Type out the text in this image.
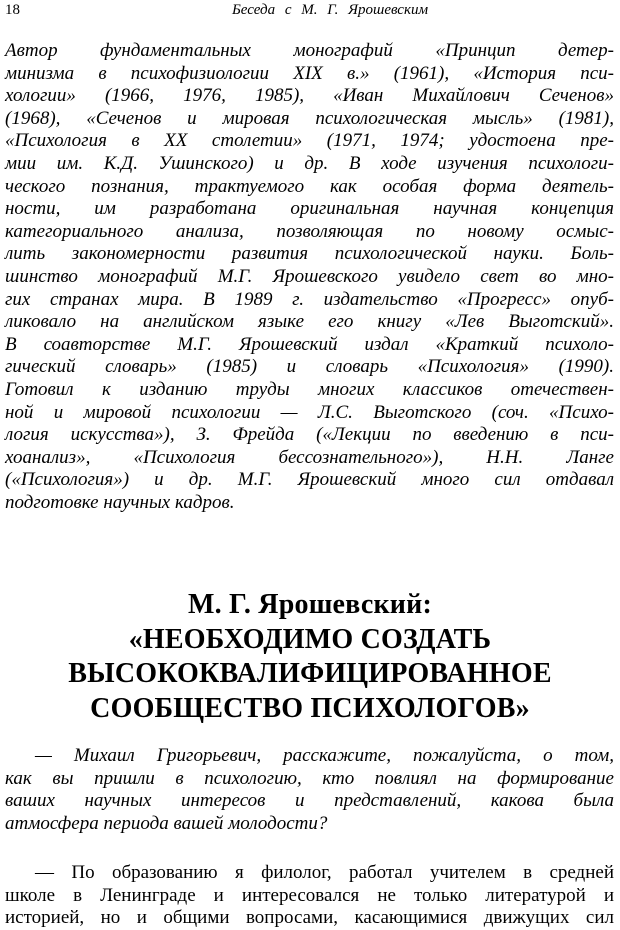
18	Беседа с М. Г. Ярошевским
Автор фундаментальных монографий «Принцип детер-
минизма в психофизиологии XIX в.» (1961), «История пси-
хологии» (1966, 1976, 1985), «Иван Михайлович Сеченов»
(1968), «Сеченов и мировая психологическая мысль» (1981),
«Психология в XX столетии» (1971, 1974; удостоена пре-
мии им. К.Д. Ушинского) и др. В ходе изучения психологи-
ческого познания, трактуемого как особая форма деятель-
ности, им разработана оригинальная научная концепция
категориального анализа, позволяющая по новому осмыс-
лить закономерности развития психологической науки. Боль-
шинство монографий М.Г. Ярошевского увидело свет во мно-
гих странах мира. В 1989 г. издательство «Прогресс» опуб-
ликовало на английском языке его книгу «Лев Выготский».
В соавторстве М.Г. Ярошевский издал «Краткий психоло-
гический словарь» (1985) и словарь «Психология» (1990).
Готовил к изданию труды многих классиков отечествен-
ной и мировой психологии — Л.С. Выготского (соч. «Психо-
логия искусства»), З. Фрейда («Лекции по введению в пси-
хоанализ», «Психология бессознательного»), Н.Н. Ланге
(«Психология») и др. М.Г. Ярошевский много сил отдавал
подготовке научных кадров.
М. Г. Ярошевский:
«НЕОБХОДИМО СОЗДАТЬ
ВЫСОКОКВАЛИФИЦИРОВАННОЕ
СООБЩЕСТВО ПСИХОЛОГОВ»
— Михаил Григорьевич, расскажите, пожалуйста, о том,
как вы пришли в психологию, кто повлиял на формирование
ваших научных интересов и представлений, какова была
атмосфера периода вашей молодости?
— По образованию я филолог, работал учителем в средней
школе в Ленинграде и интересовался не только литературой и
историей, но и общими вопросами, касающимися движущих сил
